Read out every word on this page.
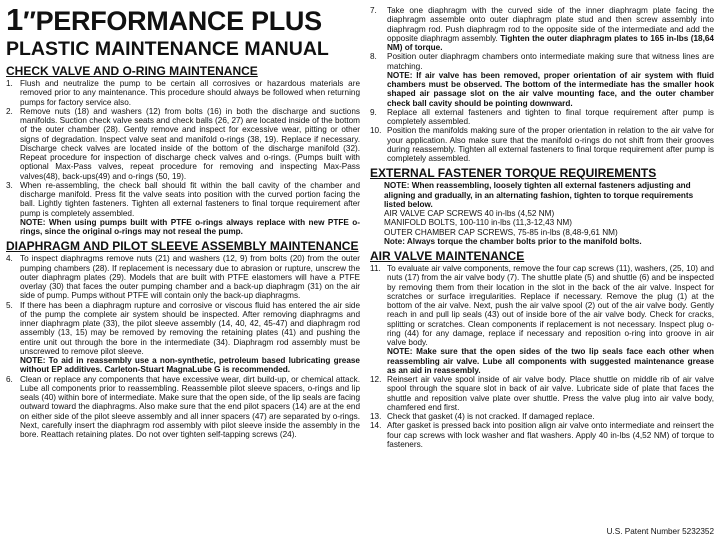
1″PERFORMANCE PLUS
PLASTIC MAINTENANCE MANUAL
CHECK VALVE AND O-RING MAINTENANCE
1. Flush and neutralize the pump to be certain all corrosives or hazardous materials are removed prior to any maintenance. This procedure should always be followed when returning pumps for factory service also.
2. Remove nuts (18) and washers (12) from bolts (16) in both the discharge and suctions manifolds. Suction check valve seats and check balls (26, 27) are located inside of the bottom of the outer chamber (28). Gently remove and inspect for excessive wear, pitting or other signs of degradation. Inspect valve seat and manifold o-rings (38, 19). Replace if necessary. Discharge check valves are located inside of the bottom of the discharge manifold (32). Repeat procedure for inspection of discharge check valves and o-rings. (Pumps built with optional Max-Pass valves, repeat procedure for removing and inspecting Max-Pass valves(48), back-ups(49) and o-rings (50, 19).
3. When re-assembling, the check ball should fit within the ball cavity of the chamber and discharge manifold. Press fit the valve seats into position with the curved portion facing the ball. Lightly tighten fasteners. Tighten all external fasteners to final torque requirement after pump is completely assembled.
NOTE: When using pumps built with PTFE o-rings always replace with new PTFE o-rings, since the original o-rings may not reseal the pump.
DIAPHRAGM AND PILOT SLEEVE ASSEMBLY MAINTENANCE
4. To inspect diaphragms remove nuts (21) and washers (12, 9) from bolts (20) from the outer pumping chambers (28). If replacement is necessary due to abrasion or rupture, unscrew the outer diaphragm plates (29). Models that are built with PTFE elastomers will have a PTFE overlay (30) that faces the outer pumping chamber and a back-up diaphragm (31) on the air side of pump. Pumps without PTFE will contain only the back-up diaphragms.
5. If there has been a diaphragm rupture and corrosive or viscous fluid has entered the air side of the pump the complete air system should be inspected. After removing diaphragms and inner diaphragm plate (33), the pilot sleeve assembly (14, 40, 42, 45-47) and diaphragm rod assembly (13, 15) may be removed by removing the retaining plates (41) and pushing the entire unit out through the bore in the intermediate (34). Diaphragm rod assembly must be unscrewed to remove pilot sleeve.
NOTE: To aid in reassembly use a non-synthetic, petroleum based lubricating grease without EP additives. Carleton-Stuart MagnaLube G is recommended.
6. Clean or replace any components that have excessive wear, dirt build-up, or chemical attack. Lube all components prior to reassembling. Reassemble pilot sleeve spacers, o-rings and lip seals (40) within bore of intermediate. Make sure that the open side, of the lip seals are facing outward toward the diaphragms. Also make sure that the end pilot spacers (14) are at the end on either side of the pilot sleeve assembly and all inner spacers (47) are separated by o-rings. Next, carefully insert the diaphragm rod assembly with pilot sleeve inside the assembly in the bore. Reattach retaining plates. Do not over tighten self-tapping screws (24).
7. Take one diaphragm with the curved side of the inner diaphragm plate facing the diaphragm assemble onto outer diaphragm plate stud and then screw assembly into diaphragm rod. Push diaphragm rod to the opposite side of the intermediate and add the opposite diaphragm assembly. Tighten the outer diaphragm plates to 165 in-lbs (18,64 NM) of torque.
8. Position outer diaphragm chambers onto intermediate making sure that witness lines are matching.
NOTE: If air valve has been removed, proper orientation of air system with fluid chambers must be observed. The bottom of the intermediate has the smaller hook shaped air passage slot on the air valve mounting face, and the outer chamber check ball cavity should be pointing downward.
9. Replace all external fasteners and tighten to final torque requirement after pump is completely assembled.
10. Position the manifolds making sure of the proper orientation in relation to the air valve for your application. Also make sure that the manifold o-rings do not shift from their grooves during reassembly. Tighten all external fasteners to final torque requirement after pump is completely assembled.
EXTERNAL FASTENER TORQUE REQUIREMENTS
NOTE: When reassembling, loosely tighten all external fasteners adjusting and aligning and gradually, in an alternating fashion, tighten to torque requirements listed below.
AIR VALVE CAP SCREWS 40 in-lbs (4,52 NM)
MANIFOLD BOLTS, 100-110 in-lbs (11,3-12,43 NM)
OUTER CHAMBER CAP SCREWS, 75-85 in-lbs (8,48-9,61 NM)
Note: Always torque the chamber bolts prior to the manifold bolts.
AIR VALVE MAINTENANCE
11. To evaluate air valve components, remove the four cap screws (11), washers, (25, 10) and nuts (17) from the air valve body (7). The shuttle plate (5) and shuttle (6) and be inspected by removing them from their location in the slot in the back of the air valve. Inspect for scratches or surface irregularities. Replace if necessary. Remove the plug (1) at the bottom of the air valve. Next, push the air valve spool (2) out of the air valve body. Gently reach in and pull lip seals (43) out of inside bore of the air valve body. Check for cracks, splitting or scratches. Clean components if replacement is not necessary. Inspect plug o-ring (44) for any damage, replace if necessary and reposition o-ring into groove in air valve body.
NOTE: Make sure that the open sides of the two lip seals face each other when reassembling air valve. Lube all components with suggested maintenance grease as an aid in reassembly.
12. Reinsert air valve spool inside of air valve body. Place shuttle on middle rib of air valve spool through the square slot in back of air valve. Lubricate side of plate that faces the shuttle and reposition valve plate over shuttle. Press the valve plug into air valve body, chamfered end first.
13. Check that gasket (4) is not cracked. If damaged replace.
14. After gasket is pressed back into position align air valve onto intermediate and reinsert the four cap screws with lock washer and flat washers. Apply 40 in-lbs (4,52 NM) of torque to fasteners.
U.S. Patent Number 5232352
